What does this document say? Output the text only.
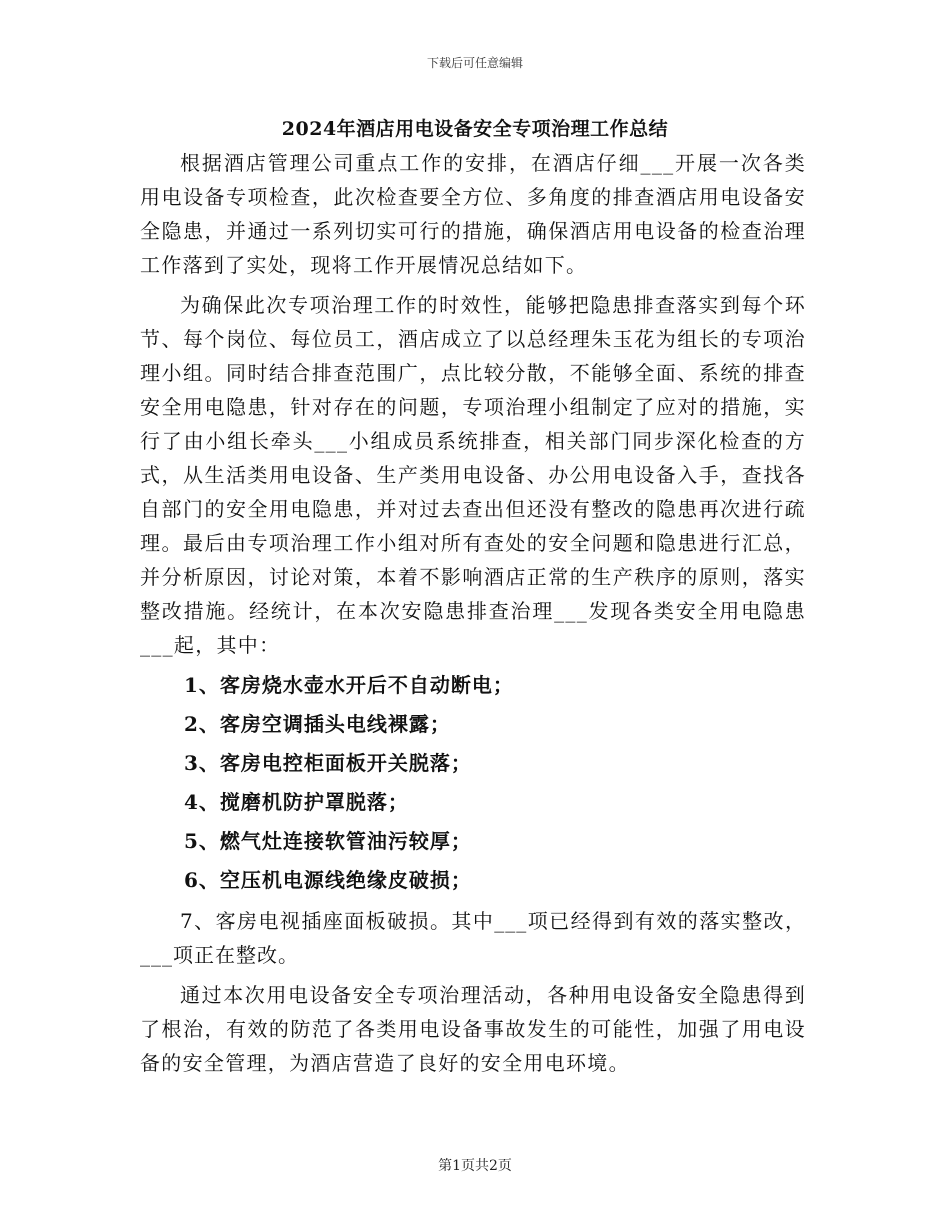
下载后可任意编辑
2024年酒店用电设备安全专项治理工作总结

根据酒店管理公司重点工作的安排，在酒店仔细___开展一次各类用电设备专项检查，此次检查要全方位、多角度的排查酒店用电设备安全隐患，并通过一系列切实可行的措施，确保酒店用电设备的检查治理工作落到了实处，现将工作开展情况总结如下。

为确保此次专项治理工作的时效性，能够把隐患排查落实到每个环节、每个岗位、每位员工，酒店成立了以总经理朱玉花为组长的专项治理小组。同时结合排查范围广，点比较分散，不能够全面、系统的排查安全用电隐患，针对存在的问题，专项治理小组制定了应对的措施，实行了由小组长牵头___小组成员系统排查，相关部门同步深化检查的方式，从生活类用电设备、生产类用电设备、办公用电设备入手，查找各自部门的安全用电隐患，并对过去查出但还没有整改的隐患再次进行疏理。最后由专项治理工作小组对所有查处的安全问题和隐患进行汇总，并分析原因，讨论对策，本着不影响酒店正常的生产秩序的原则，落实整改措施。经统计，在本次安隐患排查治理___发现各类安全用电隐患___起，其中：

1、客房烧水壶水开后不自动断电；

2、客房空调插头电线裸露；

3、客房电控柜面板开关脱落；

4、搅磨机防护罩脱落；

5、燃气灶连接软管油污较厚；

6、空压机电源线绝缘皮破损；

7、客房电视插座面板破损。其中___项已经得到有效的落实整改，___项正在整改。

通过本次用电设备安全专项治理活动，各种用电设备安全隐患得到了根治，有效的防范了各类用电设备事故发生的可能性，加强了用电设备的安全管理，为酒店营造了良好的安全用电环境。

第1页共2页
